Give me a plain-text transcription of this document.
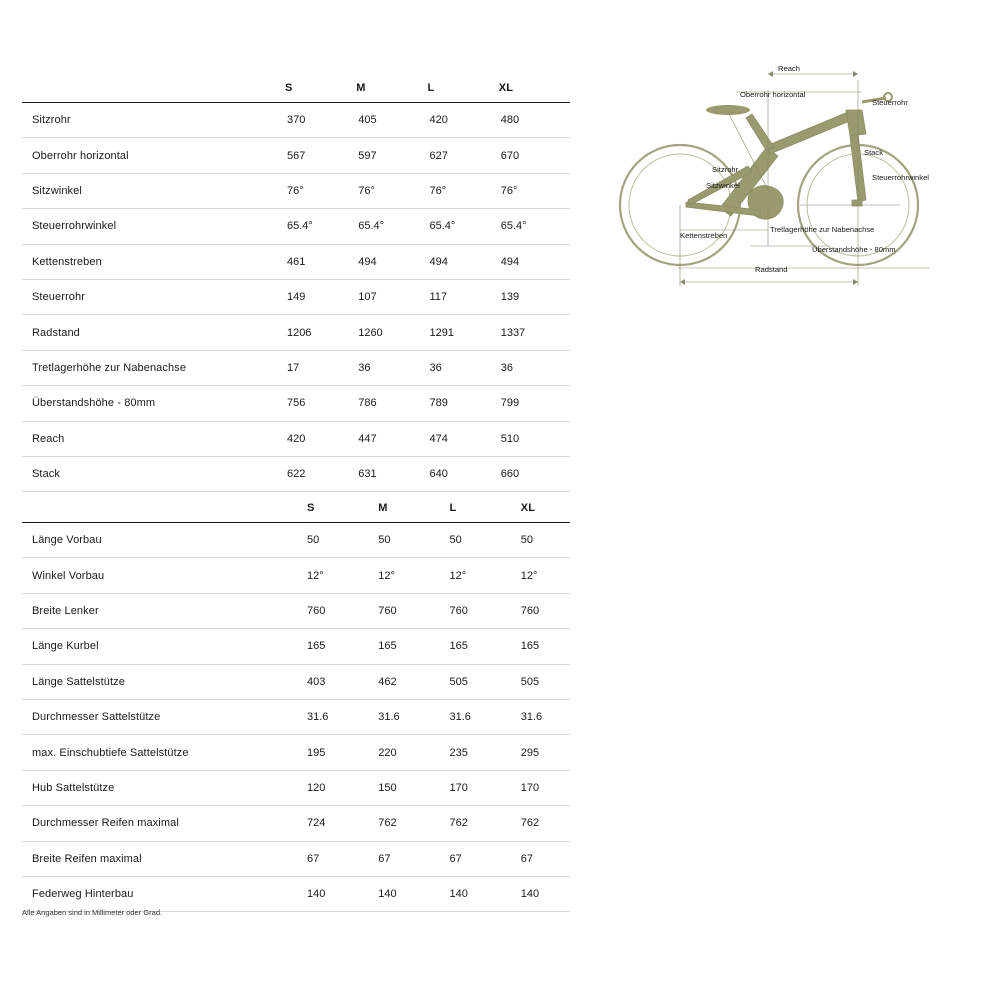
	S	M	L	XL
Sitzrohr	370	405	420	480
Oberrohr horizontal	567	597	627	670
Sitzwinkel	76°	76°	76°	76°
Steuerrohrwinkel	65.4°	65.4°	65.4°	65.4°
Kettenstreben	461	494	494	494
Steuerrohr	149	107	117	139
Radstand	1206	1260	1291	1337
Tretlagerhöhe zur Nabenachse	17	36	36	36
Überstandshöhe - 80mm	756	786	789	799
Reach	420	447	474	510
Stack	622	631	640	660
	S	M	L	XL
Länge Vorbau	50	50	50	50
Winkel Vorbau	12°	12°	12°	12°
Breite Lenker	760	760	760	760
Länge Kurbel	165	165	165	165
Länge Sattelstütze	403	462	505	505
Durchmesser Sattelstütze	31.6	31.6	31.6	31.6
max. Einschubtiefe Sattelstütze	195	220	235	295
Hub Sattelstütze	120	150	170	170
Durchmesser Reifen maximal	724	762	762	762
Breite Reifen maximal	67	67	67	67
Federweg Hinterbau	140	140	140	140
Alle Angaben sind in Millimeter oder Grad.
Reach
Oberrohr horizontal
Steuerrohr
Stack
Steuerrohrwinkel
Sitzrohr
Sitzwinkel
Kettenstreben
Tretlagerhöhe zur Nabenachse
Überstandshöhe - 80mm
Radstand
